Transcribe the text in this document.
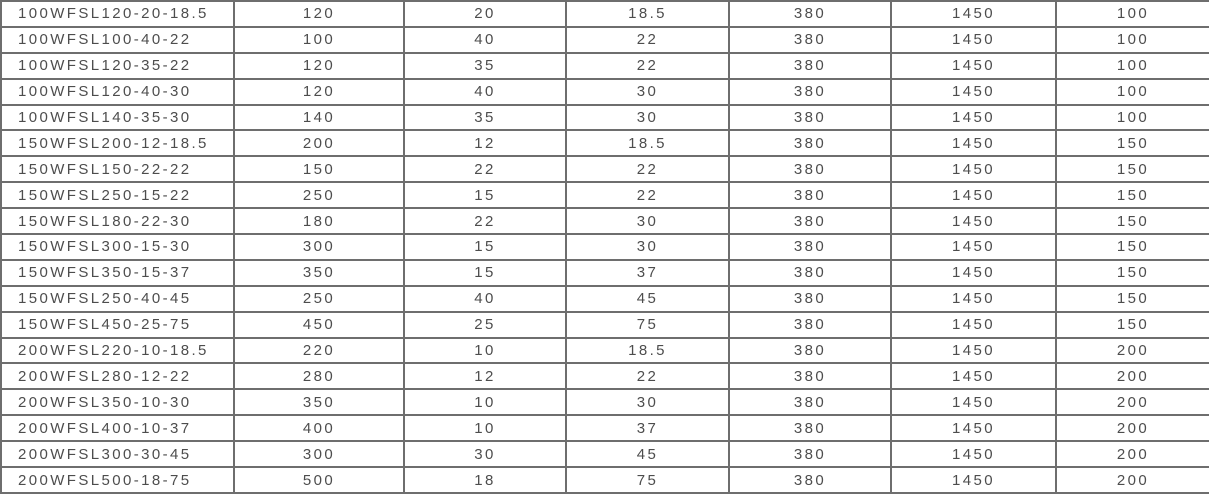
100WFSL120-20-18.5	120	20	18.5	380	1450	100
100WFSL100-40-22	100	40	22	380	1450	100
100WFSL120-35-22	120	35	22	380	1450	100
100WFSL120-40-30	120	40	30	380	1450	100
100WFSL140-35-30	140	35	30	380	1450	100
150WFSL200-12-18.5	200	12	18.5	380	1450	150
150WFSL150-22-22	150	22	22	380	1450	150
150WFSL250-15-22	250	15	22	380	1450	150
150WFSL180-22-30	180	22	30	380	1450	150
150WFSL300-15-30	300	15	30	380	1450	150
150WFSL350-15-37	350	15	37	380	1450	150
150WFSL250-40-45	250	40	45	380	1450	150
150WFSL450-25-75	450	25	75	380	1450	150
200WFSL220-10-18.5	220	10	18.5	380	1450	200
200WFSL280-12-22	280	12	22	380	1450	200
200WFSL350-10-30	350	10	30	380	1450	200
200WFSL400-10-37	400	10	37	380	1450	200
200WFSL300-30-45	300	30	45	380	1450	200
200WFSL500-18-75	500	18	75	380	1450	200
